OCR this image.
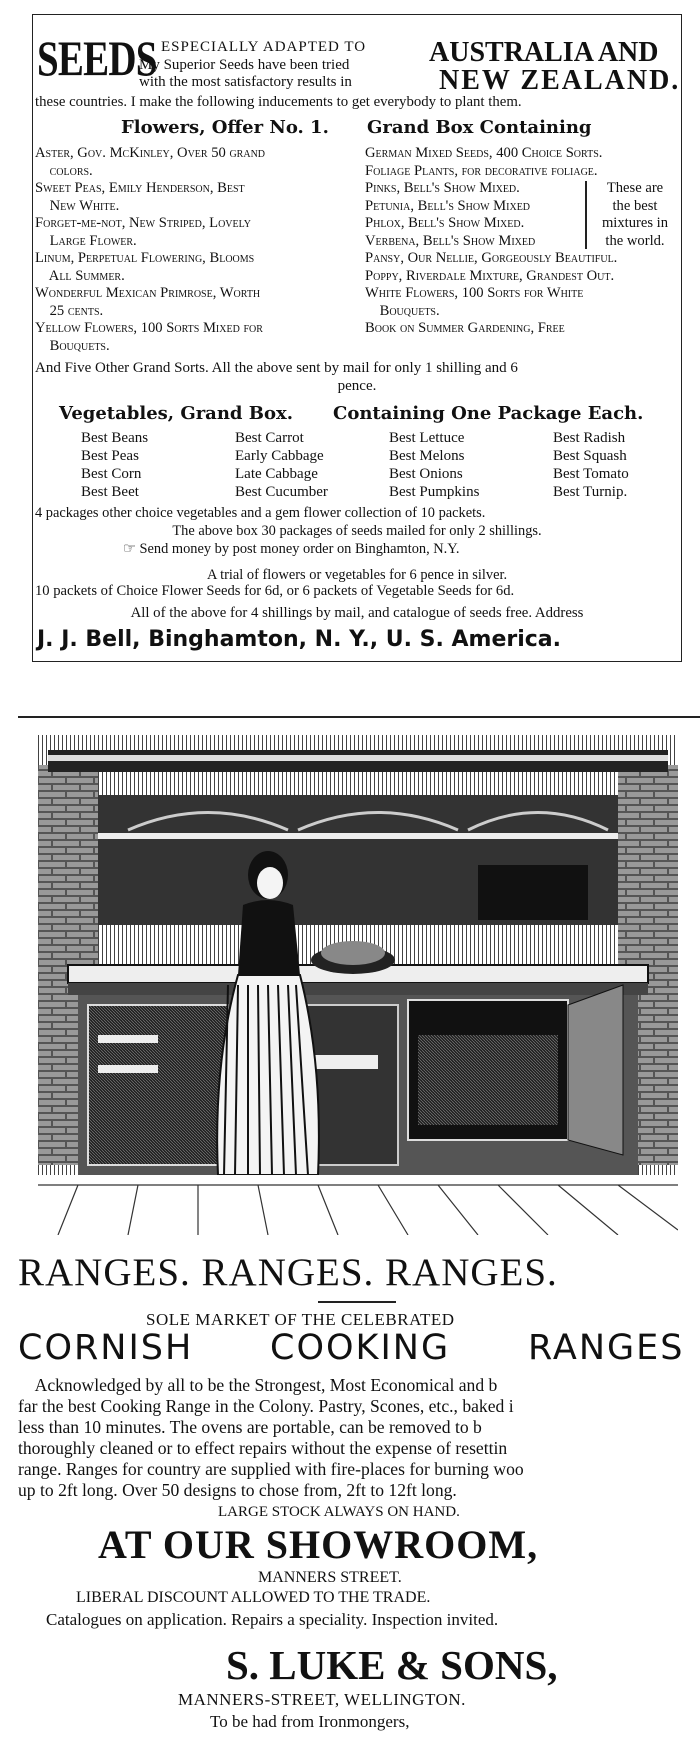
SEEDS ESPECIALLY ADAPTED TO
My Superior Seeds have been tried
with the most satisfactory results in
AUSTRALIA AND
NEW ZEALAND.
these countries. I make the following inducements to get everybody to plant them.
Flowers, Offer No. 1. Grand Box Containing
Aster, Gov. McKinley, Over 50 grand
colors.
Sweet Peas, Emily Henderson, Best
New White.
Forget-me-not, New Striped, Lovely
Large Flower.
Linum, Perpetual Flowering, Blooms
All Summer.
Wonderful Mexican Primrose, Worth
25 cents.
Yellow Flowers, 100 Sorts Mixed for
Bouquets.
German Mixed Seeds, 400 Choice Sorts.
Foliage Plants, for decorative foliage.
Pinks, Bell's Show Mixed.
Petunia, Bell's Show Mixed
Phlox, Bell's Show Mixed.
Verbena, Bell's Show Mixed
These are
the best
mixtures in
the world.
Pansy, Our Nellie, Gorgeously Beautiful.
Poppy, Riverdale Mixture, Grandest Out.
White Flowers, 100 Sorts for White
Bouquets.
Book on Summer Gardening, Free
And Five Other Grand Sorts. All the above sent by mail for only 1 shilling and 6
pence.
Vegetables, Grand Box. Containing One Package Each.
Best Beans
Best Peas
Best Corn
Best Beet
Best Carrot
Early Cabbage
Late Cabbage
Best Cucumber
Best Lettuce
Best Melons
Best Onions
Best Pumpkins
Best Radish
Best Squash
Best Tomato
Best Turnip.
4 packages other choice vegetables and a gem flower collection of 10 packets.
The above box 30 packages of seeds mailed for only 2 shillings.
☞ Send money by post money order on Binghamton, N.Y.
A trial of flowers or vegetables for 6 pence in silver.
10 packets of Choice Flower Seeds for 6d, or 6 packets of Vegetable Seeds for 6d.
All of the above for 4 shillings by mail, and catalogue of seeds free. Address
J. J. Bell, Binghamton, N. Y., U. S. America.
RANGES. RANGES. RANGES.
SOLE MARKET OF THE CELEBRATED
CORNISH COOKING RANGES
Acknowledged by all to be the Strongest, Most Economical and b
far the best Cooking Range in the Colony. Pastry, Scones, etc., baked i
less than 10 minutes. The ovens are portable, can be removed to b
thoroughly cleaned or to effect repairs without the expense of resettin
range. Ranges for country are supplied with fire-places for burning woo
up to 2ft long. Over 50 designs to chose from, 2ft to 12ft long.
LARGE STOCK ALWAYS ON HAND.
AT OUR SHOWROOM,
MANNERS STREET.
LIBERAL DISCOUNT ALLOWED TO THE TRADE.
Catalogues on application. Repairs a speciality. Inspection invited.
S. LUKE & SONS,
MANNERS-STREET, WELLINGTON.
To be had from Ironmongers,
